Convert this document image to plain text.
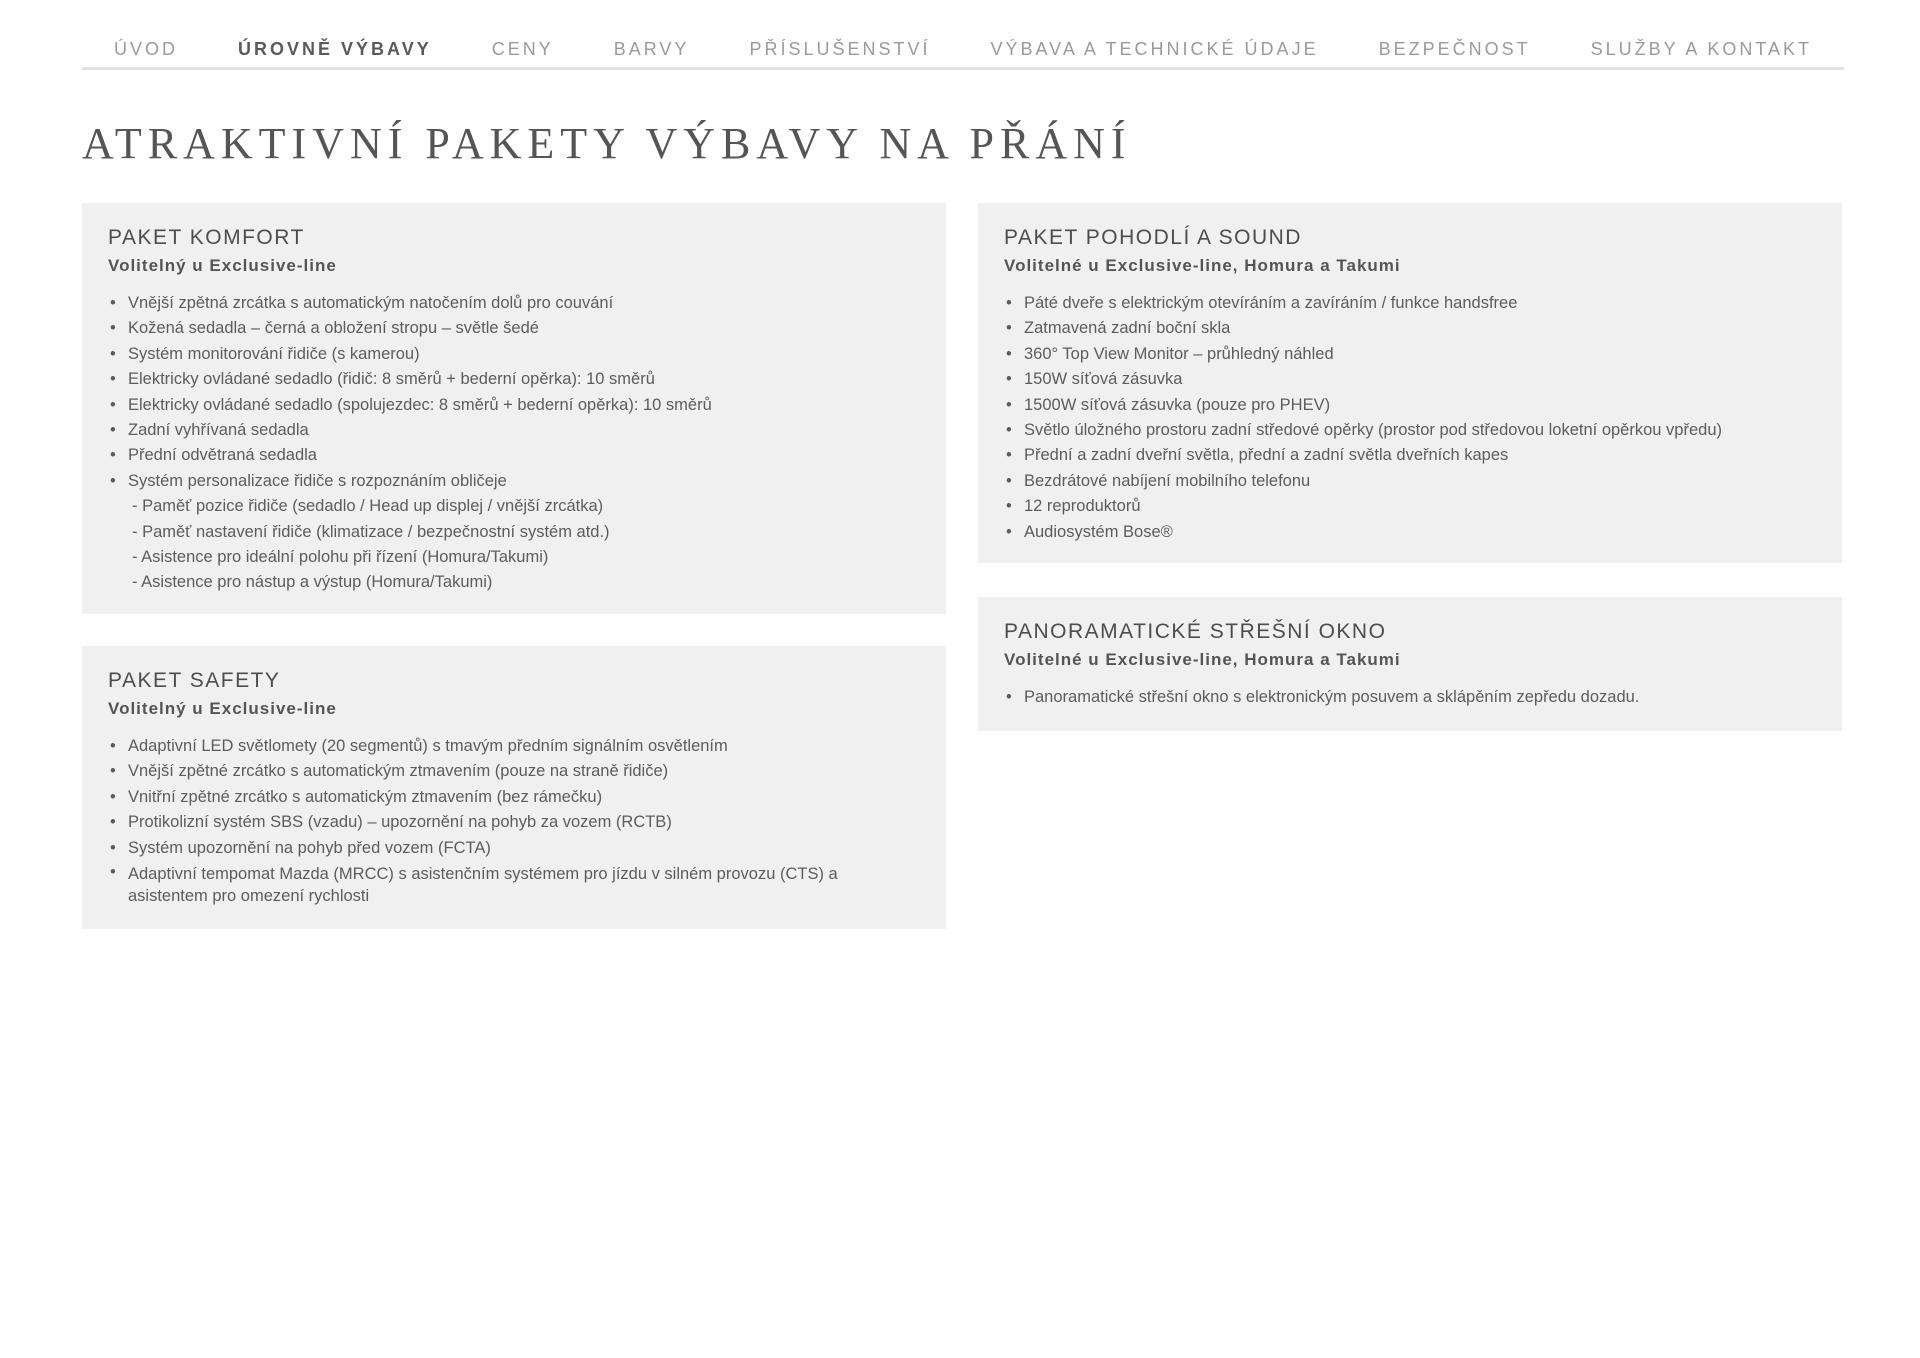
ÚVOD	ÚROVNĚ VÝBAVY	CENY	BARVY	PŘÍSLUŠENSTVÍ	VÝBAVA A TECHNICKÉ ÚDAJE	BEZPEČNOST	SLUŽBY A KONTAKT
ATRAKTIVNÍ PAKETY VÝBAVY NA PŘÁNÍ
PAKET KOMFORT

Volitelný u Exclusive-line

• Vnější zpětná zrcátka s automatickým natočením dolů pro couvání
• Kožená sedadla – černá a obložení stropu – světle šedé
• Systém monitorování řidiče (s kamerou)
• Elektricky ovládané sedadlo (řidič: 8 směrů + bederní opěrka): 10 směrů
• Elektricky ovládané sedadlo (spolujezdec: 8 směrů + bederní opěrka): 10 směrů
• Zadní vyhřívaná sedadla
• Přední odvětraná sedadla
• Systém personalizace řidiče s rozpoznáním obličeje
- Paměť pozice řidiče (sedadlo / Head up displej / vnější zrcátka)
- Paměť nastavení řidiče (klimatizace / bezpečnostní systém atd.)
- Asistence pro ideální polohu při řízení (Homura/Takumi)
- Asistence pro nástup a výstup (Homura/Takumi)
PAKET SAFETY

Volitelný u Exclusive-line

• Adaptivní LED světlomety (20 segmentů) s tmavým předním signálním osvětlením
• Vnější zpětné zrcátko s automatickým ztmavením (pouze na straně řidiče)
• Vnitřní zpětné zrcátko s automatickým ztmavením (bez rámečku)
• Protikolizní systém SBS (vzadu) – upozornění na pohyb za vozem (RCTB)
• Systém upozornění na pohyb před vozem (FCTA)
• Adaptivní tempomat Mazda (MRCC) s asistenčním systémem pro jízdu v silném provozu (CTS) a asistentem pro omezení rychlosti
PAKET POHODLÍ A SOUND

Volitelné u Exclusive-line, Homura a Takumi

• Páté dveře s elektrickým otevíráním a zavíráním / funkce handsfree
• Zatmavená zadní boční skla
• 360° Top View Monitor – průhledný náhled
• 150W síťová zásuvka
• 1500W síťová zásuvka (pouze pro PHEV)
• Světlo úložného prostoru zadní středové opěrky (prostor pod středovou loketní opěrkou vpředu)
• Přední a zadní dveřní světla, přední a zadní světla dveřních kapes
• Bezdrátové nabíjení mobilního telefonu
• 12 reproduktorů
• Audiosystém Bose®
PANORAMATICKÉ STŘEŠNÍ OKNO

Volitelné u Exclusive-line, Homura a Takumi

• Panoramatické střešní okno s elektronickým posuvem a sklápěním zepředu dozadu.
